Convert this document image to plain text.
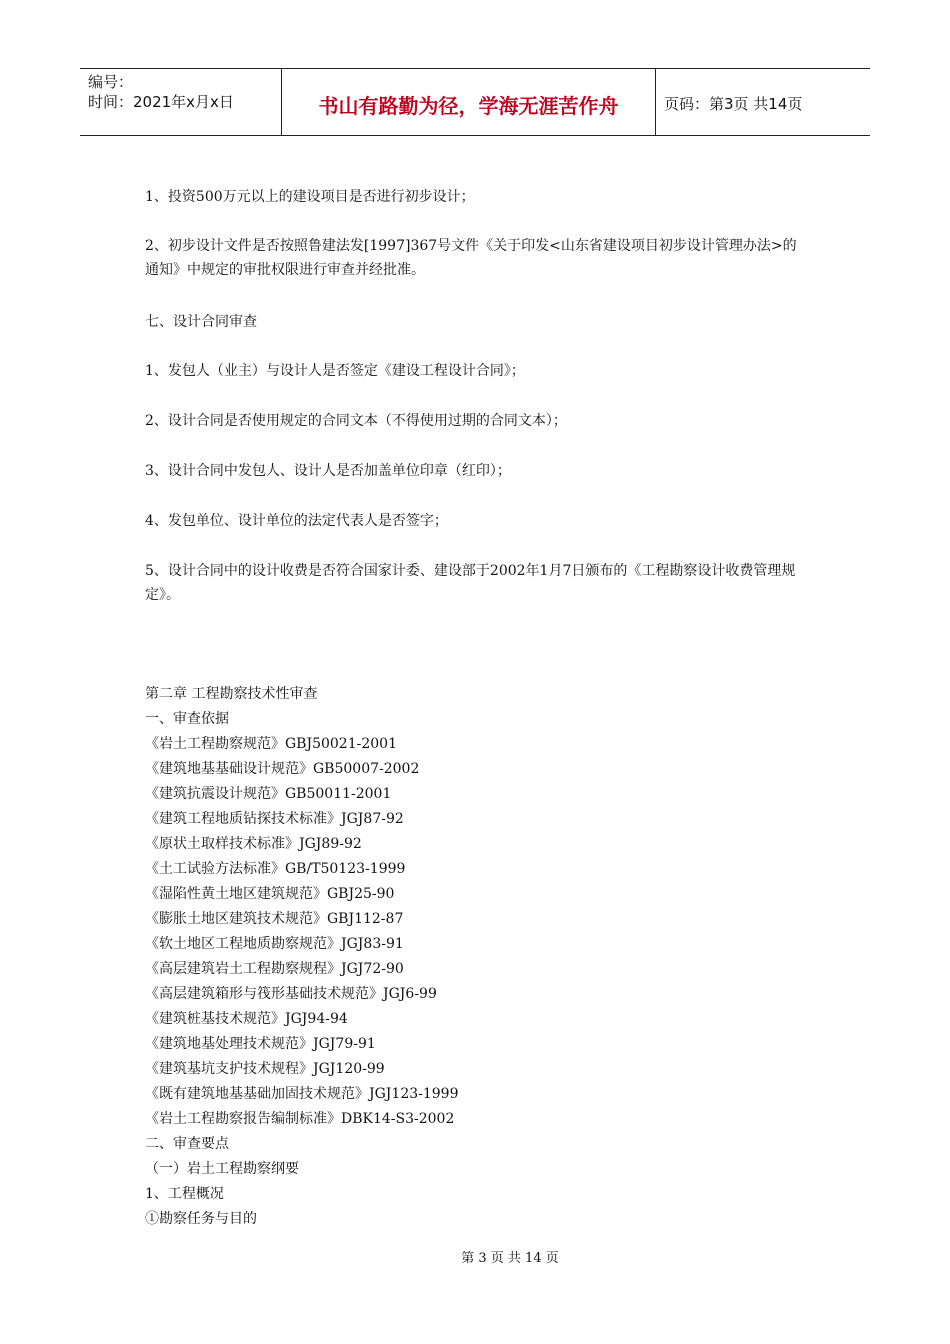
编号：
时间：2021年x月x日	书山有路勤为径，学海无涯苦作舟	页码：第3页 共14页

1、投资500万元以上的建设项目是否进行初步设计；

2、初步设计文件是否按照鲁建法发[1997]367号文件《关于印发<山东省建设项目初步设计管理办法>的通知》中规定的审批权限进行审查并经批准。

七、设计合同审查

1、发包人（业主）与设计人是否签定《建设工程设计合同》；

2、设计合同是否使用规定的合同文本（不得使用过期的合同文本）；

3、设计合同中发包人、设计人是否加盖单位印章（红印）；

4、发包单位、设计单位的法定代表人是否签字；

5、设计合同中的设计收费是否符合国家计委、建设部于2002年1月7日颁布的《工程勘察设计收费管理规定》。

第二章 工程勘察技术性审查
一、审查依据
《岩土工程勘察规范》GBJ50021-2001
《建筑地基基础设计规范》GB50007-2002
《建筑抗震设计规范》GB50011-2001
《建筑工程地质钻探技术标准》JGJ87-92
《原状土取样技术标准》JGJ89-92
《土工试验方法标准》GB/T50123-1999
《湿陷性黄土地区建筑规范》GBJ25-90
《膨胀土地区建筑技术规范》GBJ112-87
《软土地区工程地质勘察规范》JGJ83-91
《高层建筑岩土工程勘察规程》JGJ72-90
《高层建筑箱形与筏形基础技术规范》JGJ6-99
《建筑桩基技术规范》JGJ94-94
《建筑地基处理技术规范》JGJ79-91
《建筑基坑支护技术规程》JGJ120-99
《既有建筑地基基础加固技术规范》JGJ123-1999
《岩土工程勘察报告编制标准》DBK14-S3-2002
二、审查要点
（一）岩土工程勘察纲要
1、工程概况
①勘察任务与目的
第 3 页 共 14 页
